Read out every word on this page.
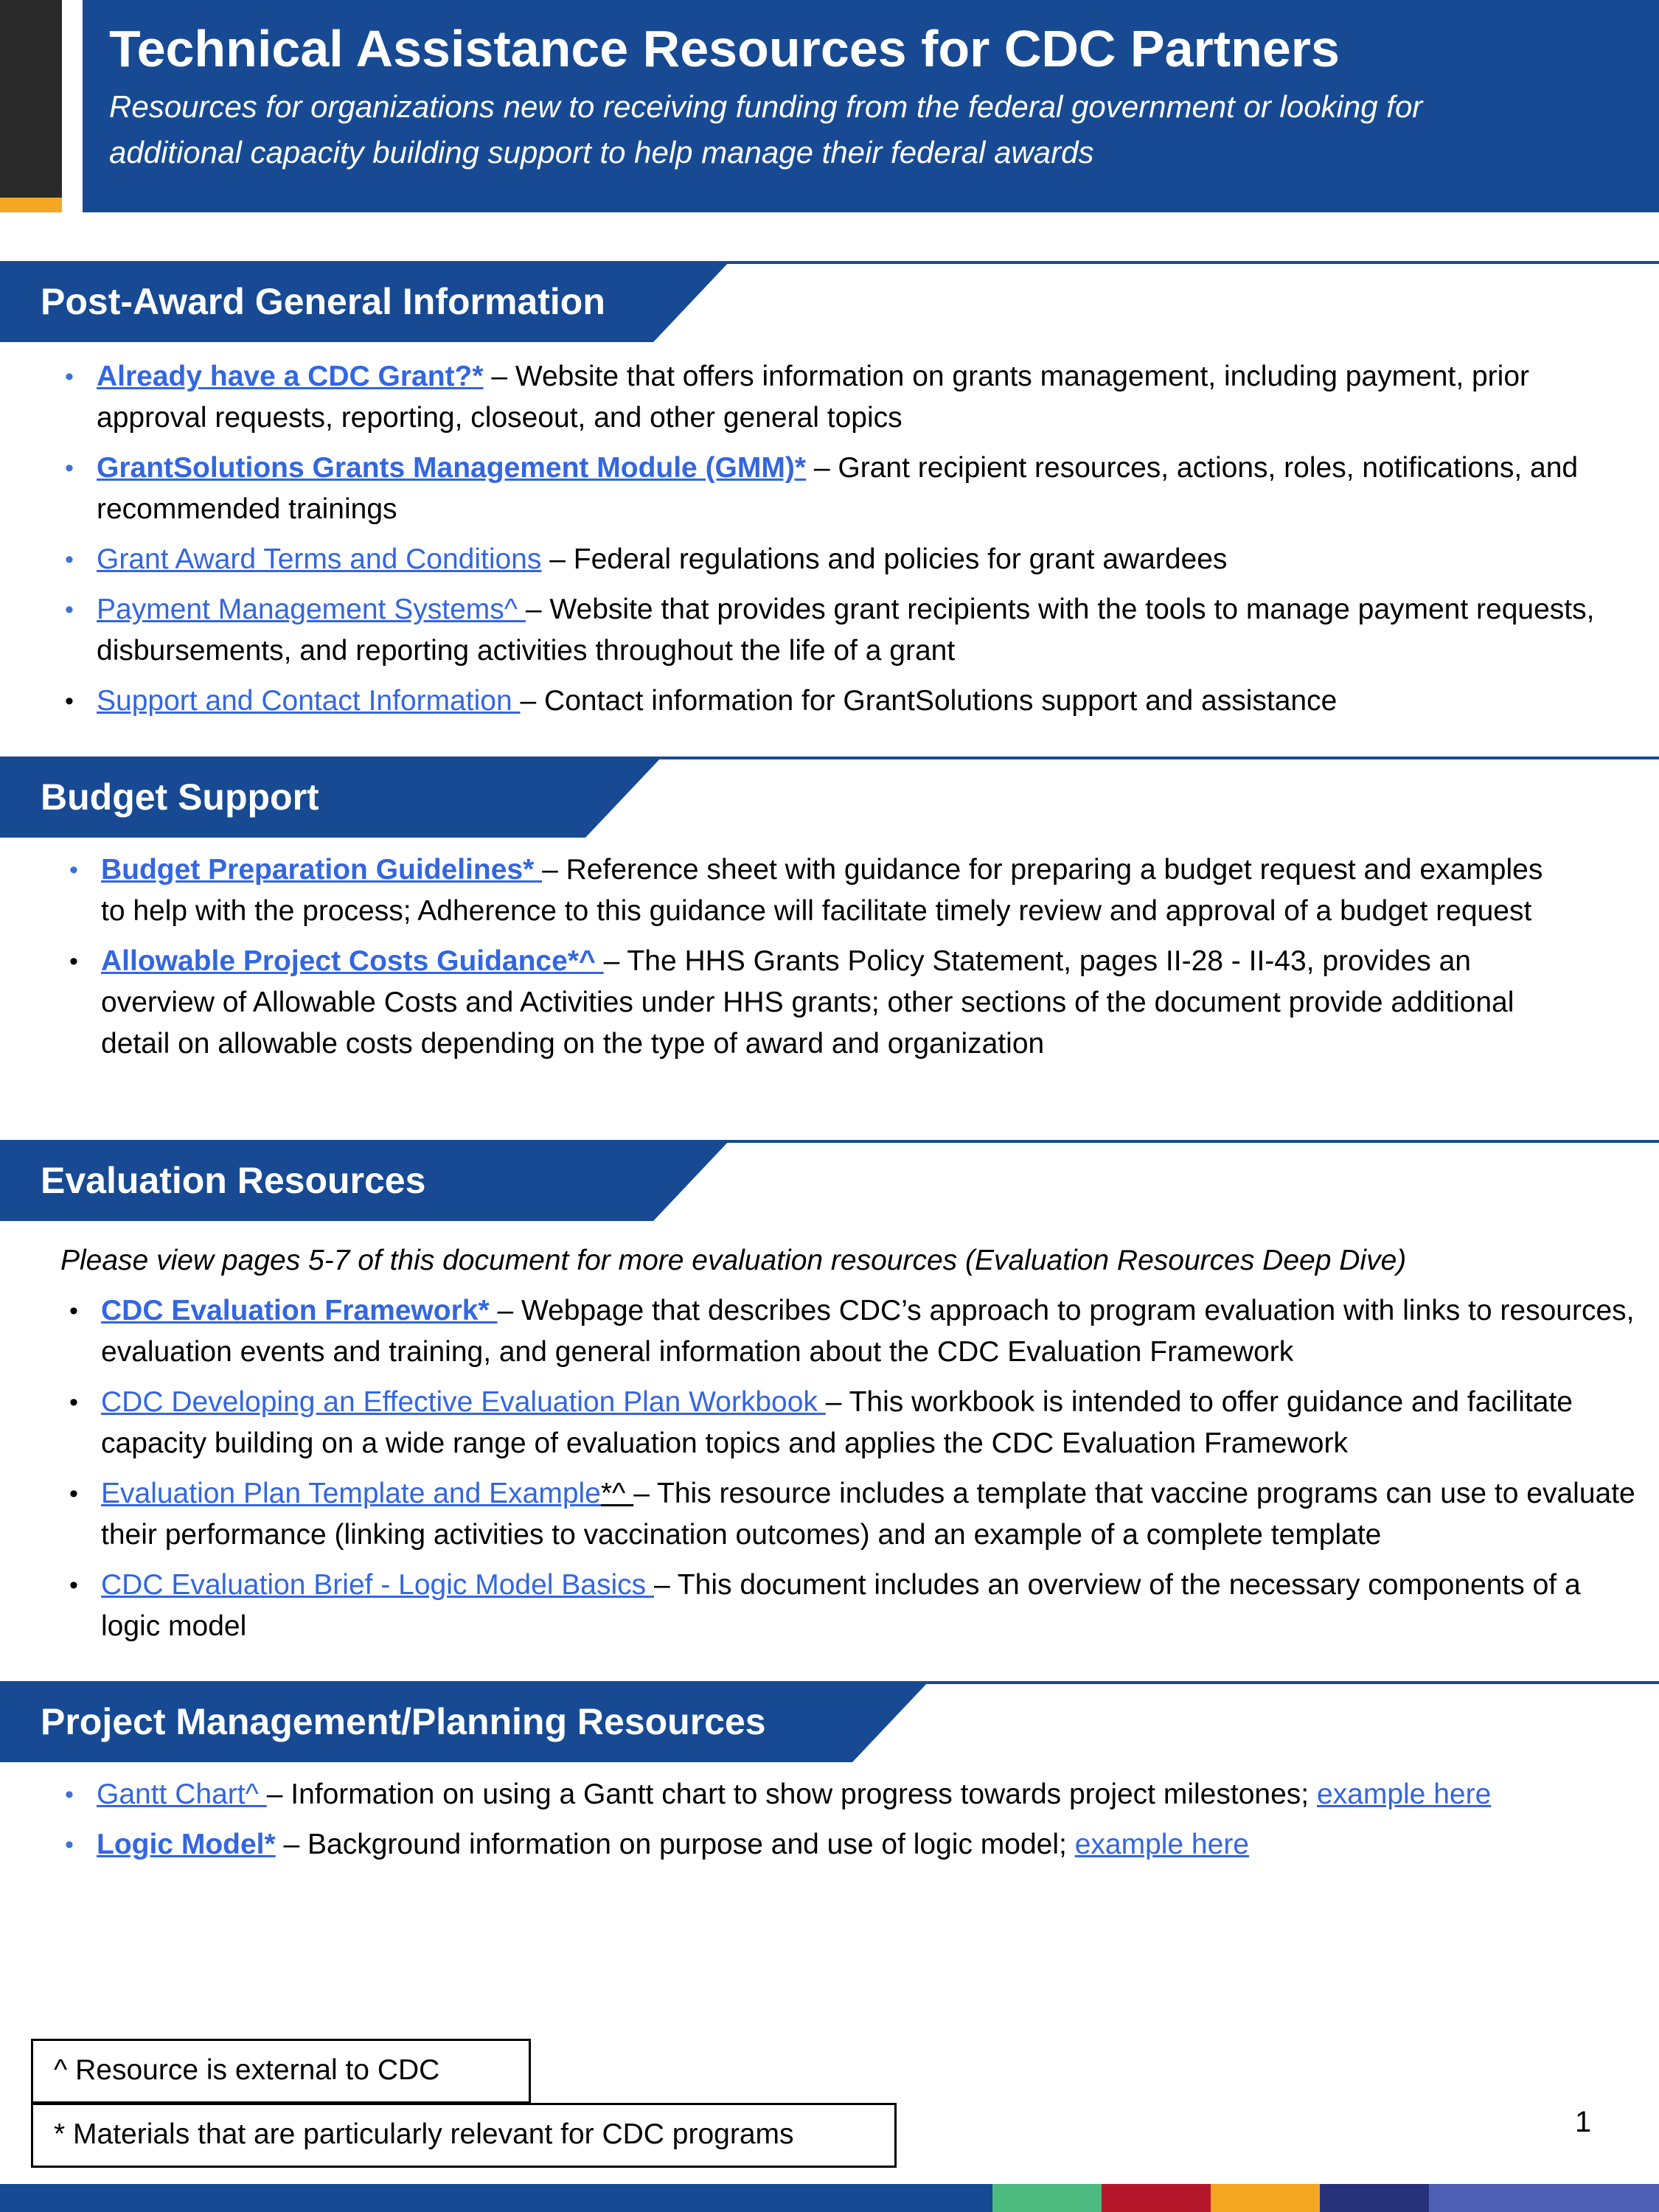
Technical Assistance Resources for CDC Partners
Resources for organizations new to receiving funding from the federal government or looking for
additional capacity building support to help manage their federal awards
Post-Award General Information
• Already have a CDC Grant?* – Website that offers information on grants management, including payment, prior approval requests, reporting, closeout, and other general topics
• GrantSolutions Grants Management Module (GMM)* – Grant recipient resources, actions, roles, notifications, and recommended trainings
• Grant Award Terms and Conditions – Federal regulations and policies for grant awardees
• Payment Management Systems^ – Website that provides grant recipients with the tools to manage payment requests, disbursements, and reporting activities throughout the life of a grant
• Support and Contact Information – Contact information for GrantSolutions support and assistance
Budget Support
• Budget Preparation Guidelines* – Reference sheet with guidance for preparing a budget request and examples to help with the process; Adherence to this guidance will facilitate timely review and approval of a budget request
• Allowable Project Costs Guidance*^ – The HHS Grants Policy Statement, pages II-28 - II-43, provides an overview of Allowable Costs and Activities under HHS grants; other sections of the document provide additional detail on allowable costs depending on the type of award and organization
Evaluation Resources
Please view pages 5-7 of this document for more evaluation resources (Evaluation Resources Deep Dive)
• CDC Evaluation Framework* – Webpage that describes CDC’s approach to program evaluation with links to resources, evaluation events and training, and general information about the CDC Evaluation Framework
• CDC Developing an Effective Evaluation Plan Workbook – This workbook is intended to offer guidance and facilitate capacity building on a wide range of evaluation topics and applies the CDC Evaluation Framework
• Evaluation Plan Template and Example*^ – This resource includes a template that vaccine programs can use to evaluate their performance (linking activities to vaccination outcomes) and an example of a complete template
• CDC Evaluation Brief - Logic Model Basics – This document includes an overview of the necessary components of a logic model
Project Management/Planning Resources
• Gantt Chart^ – Information on using a Gantt chart to show progress towards project milestones; example here
• Logic Model* – Background information on purpose and use of logic model; example here
^ Resource is external to CDC
* Materials that are particularly relevant for CDC programs	1
